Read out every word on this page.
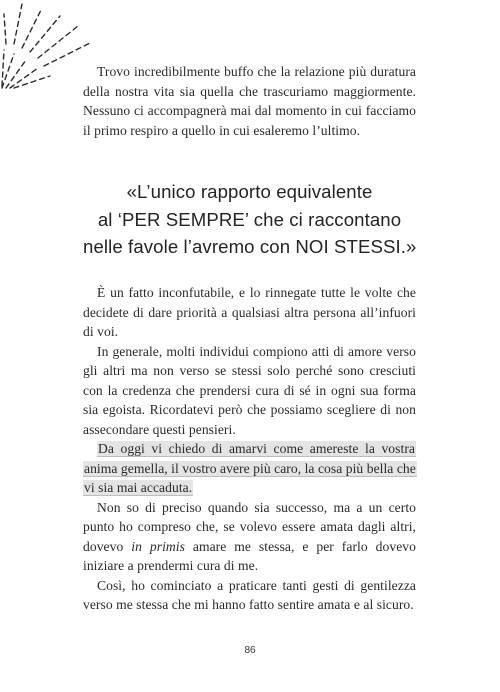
Trovo incredibilmente buffo che la relazione più duratura della nostra vita sia quella che trascuriamo maggiormente. Nessuno ci accompagnerà mai dal momento in cui facciamo il primo respiro a quello in cui esaleremo l’ultimo.

«L’unico rapporto equivalente
al ‘PER SEMPRE’ che ci raccontano
nelle favole l’avremo con NOI STESSI.»

È un fatto inconfutabile, e lo rinnegate tutte le volte che decidete di dare priorità a qualsiasi altra persona all’infuori di voi.

In generale, molti individui compiono atti di amore verso gli altri ma non verso se stessi solo perché sono cresciuti con la credenza che prendersi cura di sé in ogni sua forma sia egoista. Ricordatevi però che possiamo scegliere di non assecondare questi pensieri.

Da oggi vi chiedo di amarvi come amereste la vostra anima gemella, il vostro avere più caro, la cosa più bella che vi sia mai accaduta.

Non so di preciso quando sia successo, ma a un certo punto ho compreso che, se volevo essere amata dagli altri, dovevo in primis amare me stessa, e per farlo dovevo iniziare a prendermi cura di me.

Così, ho cominciato a praticare tanti gesti di gentilezza verso me stessa che mi hanno fatto sentire amata e al sicuro.

86
